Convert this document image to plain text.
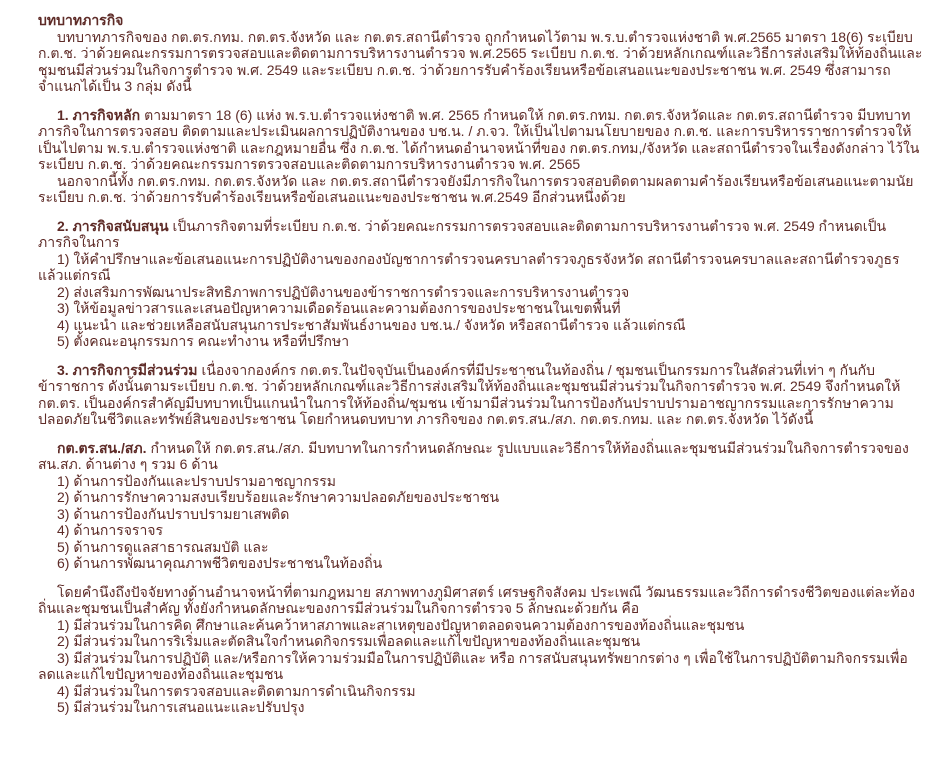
บทบาทภารกิจ

บทบาทภารกิจของ กต.ตร.กทม. กต.ตร.จังหวัด และ กต.ตร.สถานีตำรวจ ถูกกำหนดไว้ตาม พ.ร.บ.ตำรวจแห่งชาติ พ.ศ.2565 มาตรา 18(6) ระเบียบ ก.ต.ช. ว่าด้วยคณะกรรมการตรวจสอบและติดตามการบริหารงานตำรวจ พ.ศ.2565 ระเบียบ ก.ต.ช. ว่าด้วยหลักเกณฑ์และวิธีการส่งเสริมให้ท้องถิ่นและชุมชนมีส่วนร่วมในกิจการตำรวจ พ.ศ. 2549 และระเบียบ ก.ต.ช. ว่าด้วยการรับคำร้องเรียนหรือข้อเสนอแนะของประชาชน พ.ศ. 2549 ซึ่งสามารถจำแนกได้เป็น 3 กลุ่ม ดังนี้

1. ภารกิจหลัก ตามมาตรา 18 (6) แห่ง พ.ร.บ.ตำรวจแห่งชาติ พ.ศ. 2565 กำหนดให้ กต.ตร.กทม. กต.ตร.จังหวัดและ กต.ตร.สถานีตำรวจ มีบทบาทภารกิจในการตรวจสอบ ติดตามและประเมินผลการปฏิบัติงานของ บช.น. / ภ.จว. ให้เป็นไปตามนโยบายของ ก.ต.ช. และการบริหารราชการตำรวจให้เป็นไปตาม พ.ร.บ.ตำรวจแห่งชาติ และกฎหมายอื่น ซึ่ง ก.ต.ช. ได้กำหนดอำนาจหน้าที่ของ กต.ตร.กทม,/จังหวัด และสถานีตำรวจในเรื่องดังกล่าว ไว้ในระเบียบ ก.ต.ช. ว่าด้วยคณะกรรมการตรวจสอบและติดตามการบริหารงานตำรวจ พ.ศ. 2565

นอกจากนี้ทั้ง กต.ตร.กทม. กต.ตร.จังหวัด และ กต.ตร.สถานีตำรวจยังมีภารกิจในการตรวจสอบติดตามผลตามคำร้องเรียนหรือข้อเสนอแนะตามนัยระเบียบ ก.ต.ช. ว่าด้วยการรับคำร้องเรียนหรือข้อเสนอแนะของประชาชน พ.ศ.2549 อีกส่วนหนึ่งด้วย

2. ภารกิจสนับสนุน เป็นภารกิจตามที่ระเบียบ ก.ต.ช. ว่าด้วยคณะกรรมการตรวจสอบและติดตามการบริหารงานตำรวจ พ.ศ. 2549 กำหนดเป็นภารกิจในการ

1) ให้คำปรึกษาและข้อเสนอแนะการปฏิบัติงานของกองบัญชาการตำรวจนครบาลตำรวจภูธรจังหวัด สถานีตำรวจนครบาลและสถานีตำรวจภูธร แล้วแต่กรณี

2) ส่งเสริมการพัฒนาประสิทธิภาพการปฏิบัติงานของข้าราชการตำรวจและการบริหารงานตำรวจ

3) ให้ข้อมูลข่าวสารและเสนอปัญหาความเดือดร้อนและความต้องการของประชาชนในเขตพื้นที่

4) แนะนำ และช่วยเหลือสนับสนุนการประชาสัมพันธ์งานของ บช.น./ จังหวัด หรือสถานีตำรวจ แล้วแต่กรณี

5) ตั้งคณะอนุกรรมการ คณะทำงาน หรือที่ปรึกษา

3. ภารกิจการมีส่วนร่วม เนื่องจากองค์กร กต.ตร.ในปัจจุบันเป็นองค์กรที่มีประชาชนในท้องถิ่น / ชุมชนเป็นกรรมการในสัดส่วนที่เท่า ๆ กันกับข้าราชการ ดังนั้นตามระเบียบ ก.ต.ช. ว่าด้วยหลักเกณฑ์และวิธีการส่งเสริมให้ท้องถิ่นและชุมชนมีส่วนร่วมในกิจการตำรวจ พ.ศ. 2549 จึงกำหนดให้ กต.ตร. เป็นองค์กรสำคัญมีบทบาทเป็นแกนนำในการให้ท้องถิ่น/ชุมชน เข้ามามีส่วนร่วมในการป้องกันปราบปรามอาชญากรรมและการรักษาความปลอดภัยในชีวิตและทรัพย์สินของประชาชน โดยกำหนดบทบาท ภารกิจของ กต.ตร.สน./สภ. กต.ตร.กทม. และ กต.ตร.จังหวัด ไว้ดังนี้

กต.ตร.สน./สภ. กำหนดให้ กต.ตร.สน./สภ. มีบทบาทในการกำหนดลักษณะ รูปแบบและวิธีการให้ท้องถิ่นและชุมชนมีส่วนร่วมในกิจการตำรวจของ สน.สภ. ด้านต่าง ๆ รวม 6 ด้าน

1) ด้านการป้องกันและปราบปรามอาชญากรรม

2) ด้านการรักษาความสงบเรียบร้อยและรักษาความปลอดภัยของประชาชน

3) ด้านการป้องกันปราบปรามยาเสพติด

4) ด้านการจราจร

5) ด้านการดูแลสาธารณสมบัติ และ

6) ด้านการพัฒนาคุณภาพชีวิตของประชาชนในท้องถิ่น

โดยคำนึงถึงปัจจัยทางด้านอำนาจหน้าที่ตามกฎหมาย สภาพทางภูมิศาสตร์ เศรษฐกิจสังคม ประเพณี วัฒนธรรมและวิถีการดำรงชีวิตของแต่ละท้องถิ่นและชุมชนเป็นสำคัญ ทั้งยังกำหนดลักษณะของการมีส่วนร่วมในกิจการตำรวจ 5 ลักษณะด้วยกัน คือ

1) มีส่วนร่วมในการคิด ศึกษาและค้นคว้าหาสภาพและสาเหตุของปัญหาตลอดจนความต้องการของท้องถิ่นและชุมชน

2) มีส่วนร่วมในการริเริ่มและตัดสินใจกำหนดกิจกรรมเพื่อลดและแก้ไขปัญหาของท้องถิ่นและชุมชน

3) มีส่วนร่วมในการปฏิบัติ และ/หรือการให้ความร่วมมือในการปฏิบัติและ หรือ การสนับสนุนทรัพยากรต่าง ๆ เพื่อใช้ในการปฏิบัติตามกิจกรรมเพื่อลดและแก้ไขปัญหาของท้องถิ่นและชุมชน

4) มีส่วนร่วมในการตรวจสอบและติดตามการดำเนินกิจกรรม

5) มีส่วนร่วมในการเสนอแนะและปรับปรุง
